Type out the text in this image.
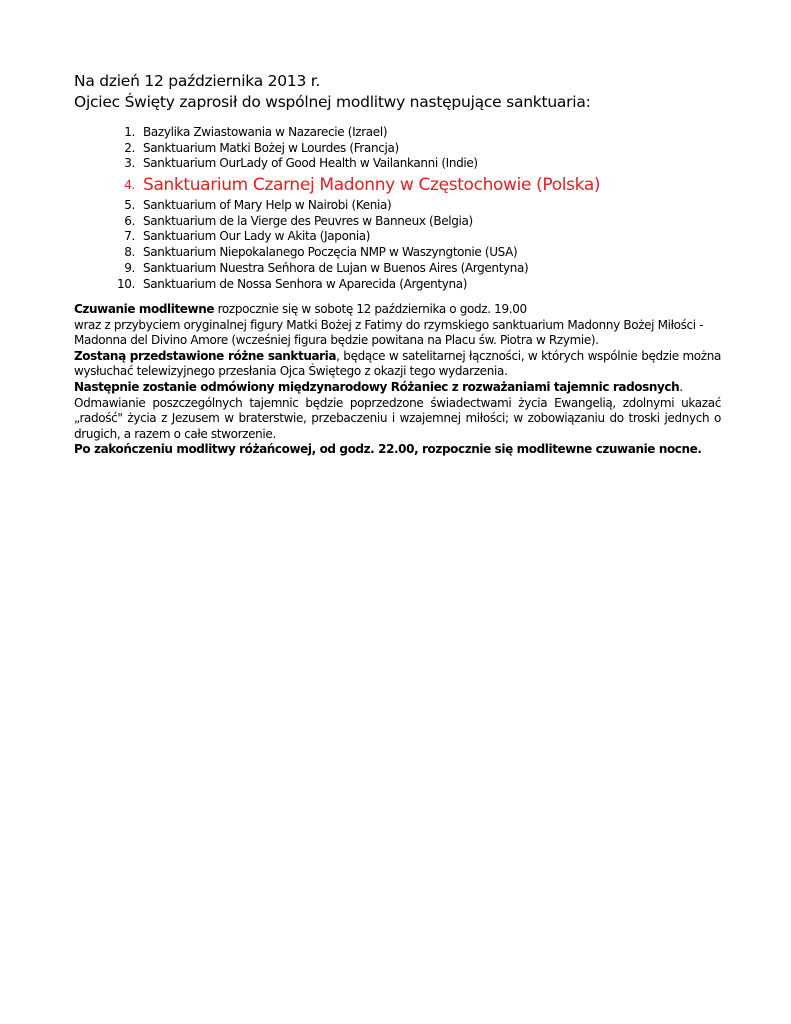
Na dzień 12 października 2013 r.
Ojciec Święty zaprosił do wspólnej modlitwy następujące sanktuaria:
1. Bazylika Zwiastowania w Nazarecie (Izrael)
2. Sanktuarium Matki Bożej w Lourdes (Francja)
3. Sanktuarium OurLady of Good Health w Vailankanni (Indie)
4. Sanktuarium Czarnej Madonny w Częstochowie (Polska)
5. Sanktuarium of Mary Help w Nairobi (Kenia)
6. Sanktuarium de la Vierge des Peuvres w Banneux (Belgia)
7. Sanktuarium Our Lady w Akita (Japonia)
8. Sanktuarium Niepokalanego Poczęcia NMP w Waszyngtonie (USA)
9. Sanktuarium Nuestra Seńhora de Lujan w Buenos Aires (Argentyna)
10. Sanktuarium de Nossa Senhora w Aparecida (Argentyna)

Czuwanie modlitewne rozpocznie się w sobotę 12 października o godz. 19.00

wraz z przybyciem oryginalnej figury Matki Bożej z Fatimy do rzymskiego sanktuarium Madonny Bożej Miłości - Madonna del Divino Amore (wcześniej figura będzie powitana na Placu św. Piotra w Rzymie).

Zostaną przedstawione różne sanktuaria, będące w satelitarnej łączności, w których wspólnie będzie można wysłuchać telewizyjnego przesłania Ojca Świętego z okazji tego wydarzenia.

Następnie zostanie odmówiony międzynarodowy Różaniec z rozważaniami tajemnic radosnych.

Odmawianie poszczególnych tajemnic będzie poprzedzone świadectwami życia Ewangelią, zdolnymi ukazać „radość" życia z Jezusem w braterstwie, przebaczeniu i wzajemnej miłości; w zobowiązaniu do troski jednych o drugich, a razem o całe stworzenie.

Po zakończeniu modlitwy różańcowej, od godz. 22.00, rozpocznie się modlitewne czuwanie nocne.
